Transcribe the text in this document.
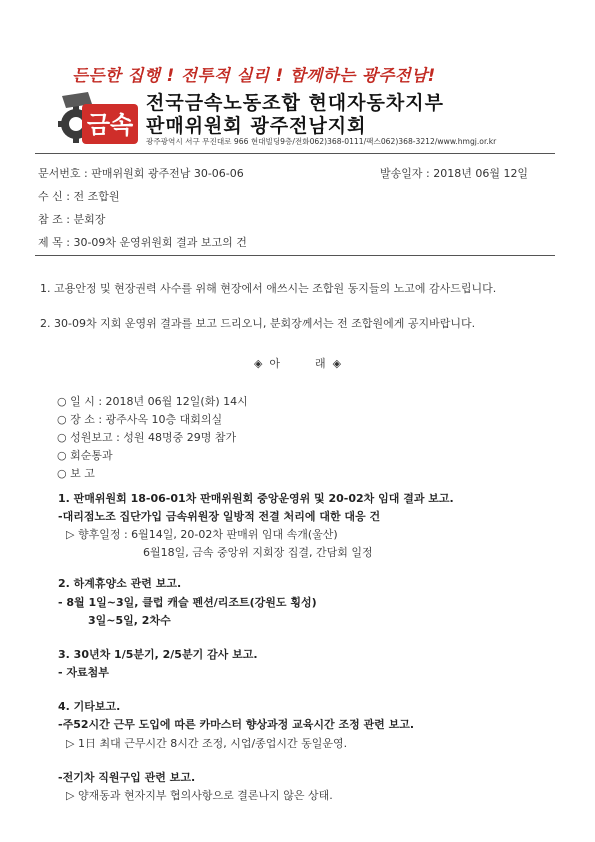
든든한 집행 ! 전투적 실리 ! 함께하는 광주전남!
금속
전국금속노동조합 현대자동차지부
판매위원회 광주전남지회
광주광역시 서구 무진대로 966 현대빌딩9층/전화062)368-0111/팩스062)368-3212/www.hmgj.or.kr
문서번호 : 판매위원회 광주전남 30-06-06	발송일자 : 2018년 06월 12일
수 신 : 전 조합원
참 조 : 분회장
제 목 : 30-09차 운영위원회 결과 보고의 건
1. 고용안정 및 현장권력 사수를 위해 현장에서 애쓰시는 조합원 동지들의 노고에 감사드립니다.
2. 30-09차 지회 운영위 결과를 보고 드리오니, 분회장께서는 전 조합원에게 공지바랍니다.
◈  아          래  ◈
○ 일 시 : 2018년 06월 12일(화) 14시
○ 장 소 : 광주사옥 10층 대회의실
○ 성원보고 : 성원 48명중 29명 참가
○ 회순통과
○ 보 고
1. 판매위원회 18-06-01차 판매위원회 중앙운영위 및 20-02차 임대 결과 보고.
-대리점노조 집단가입 금속위원장 일방적 전결 처리에 대한 대응 건
▷ 향후일정 : 6월14일, 20-02차 판매위 임대 속개(울산)
6월18일, 금속 중앙위 지회장 집결, 간담회 일정
2. 하계휴양소 관련 보고.
- 8월 1일~3일, 클럽 캐슬 펜션/리조트(강원도 횡성)
3일~5일, 2차수
3. 30년차 1/5분기, 2/5분기 감사 보고.
- 자료첨부
4. 기타보고.
-주52시간 근무 도입에 따른 카마스터 향상과정 교육시간 조정 관련 보고.
▷ 1日 최대 근무시간 8시간 조정, 시업/종업시간 동일운영.
-전기차 직원구입 관련 보고.
▷ 양재동과 현자지부 협의사항으로 결론나지 않은 상태.
